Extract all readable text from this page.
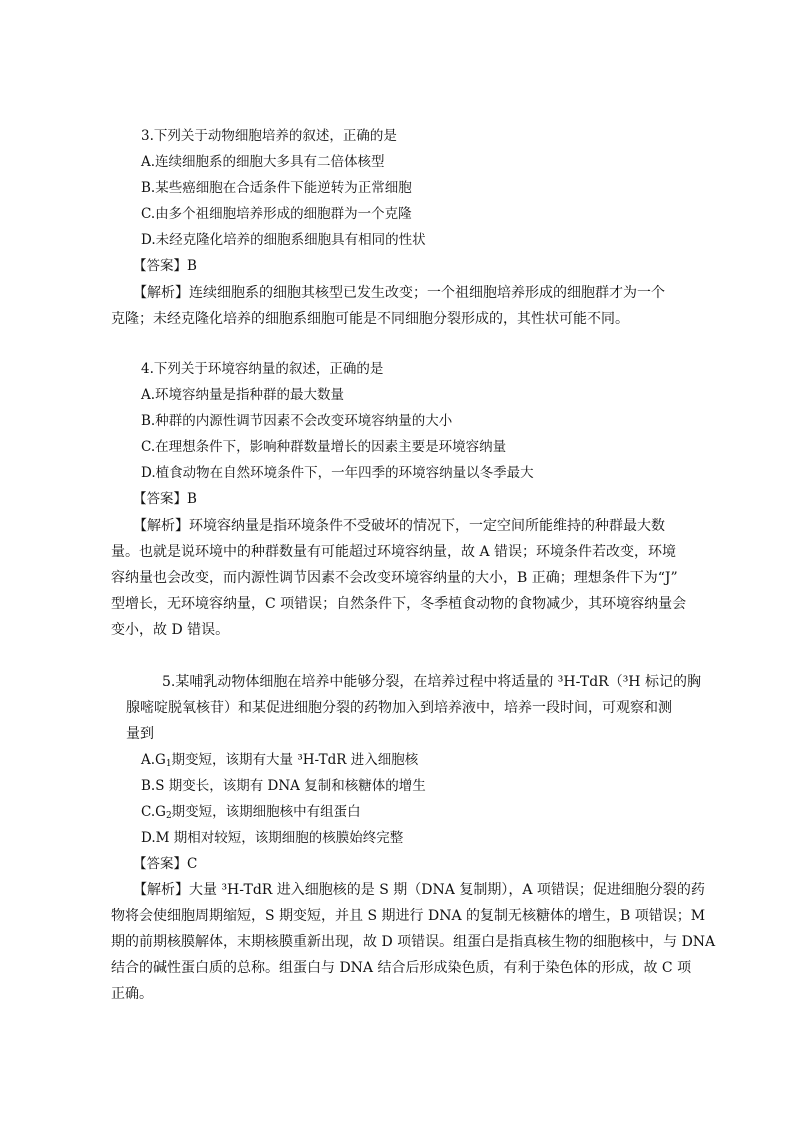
3.下列关于动物细胞培养的叙述，正确的是
A.连续细胞系的细胞大多具有二倍体核型
B.某些癌细胞在合适条件下能逆转为正常细胞
C.由多个祖细胞培养形成的细胞群为一个克隆
D.未经克隆化培养的细胞系细胞具有相同的性状
【答案】B
【解析】连续细胞系的细胞其核型已发生改变；一个祖细胞培养形成的细胞群才为一个
克隆；未经克隆化培养的细胞系细胞可能是不同细胞分裂形成的，其性状可能不同。
4.下列关于环境容纳量的叙述，正确的是
A.环境容纳量是指种群的最大数量
B.种群的内源性调节因素不会改变环境容纳量的大小
C.在理想条件下，影响种群数量增长的因素主要是环境容纳量
D.植食动物在自然环境条件下，一年四季的环境容纳量以冬季最大
【答案】B
【解析】环境容纳量是指环境条件不受破坏的情况下，一定空间所能维持的种群最大数
量。也就是说环境中的种群数量有可能超过环境容纳量，故 A 错误；环境条件若改变，环境
容纳量也会改变，而内源性调节因素不会改变环境容纳量的大小，B 正确；理想条件下为“J”
型增长，无环境容纳量，C 项错误；自然条件下，冬季植食动物的食物减少，其环境容纳量会
变小，故 D 错误。
5.某哺乳动物体细胞在培养中能够分裂，在培养过程中将适量的 ³H-TdR（³H 标记的胸
腺嘧啶脱氧核苷）和某促进细胞分裂的药物加入到培养液中，培养一段时间，可观察和测
量到
$A.G_1$期变短，该期有大量 ³H-TdR 进入细胞核
B.S 期变长，该期有 DNA 复制和核糖体的增生
$C.G_2$期变短，该期细胞核中有组蛋白
D.M 期相对较短，该期细胞的核膜始终完整
【答案】C
【解析】大量 ³H-TdR 进入细胞核的是 S 期（DNA 复制期），A 项错误；促进细胞分裂的药
物将会使细胞周期缩短，S 期变短，并且 S 期进行 DNA 的复制无核糖体的增生，B 项错误；M
期的前期核膜解体，末期核膜重新出现，故 D 项错误。组蛋白是指真核生物的细胞核中，与 DNA
结合的碱性蛋白质的总称。组蛋白与 DNA 结合后形成染色质，有利于染色体的形成，故 C 项
正确。
